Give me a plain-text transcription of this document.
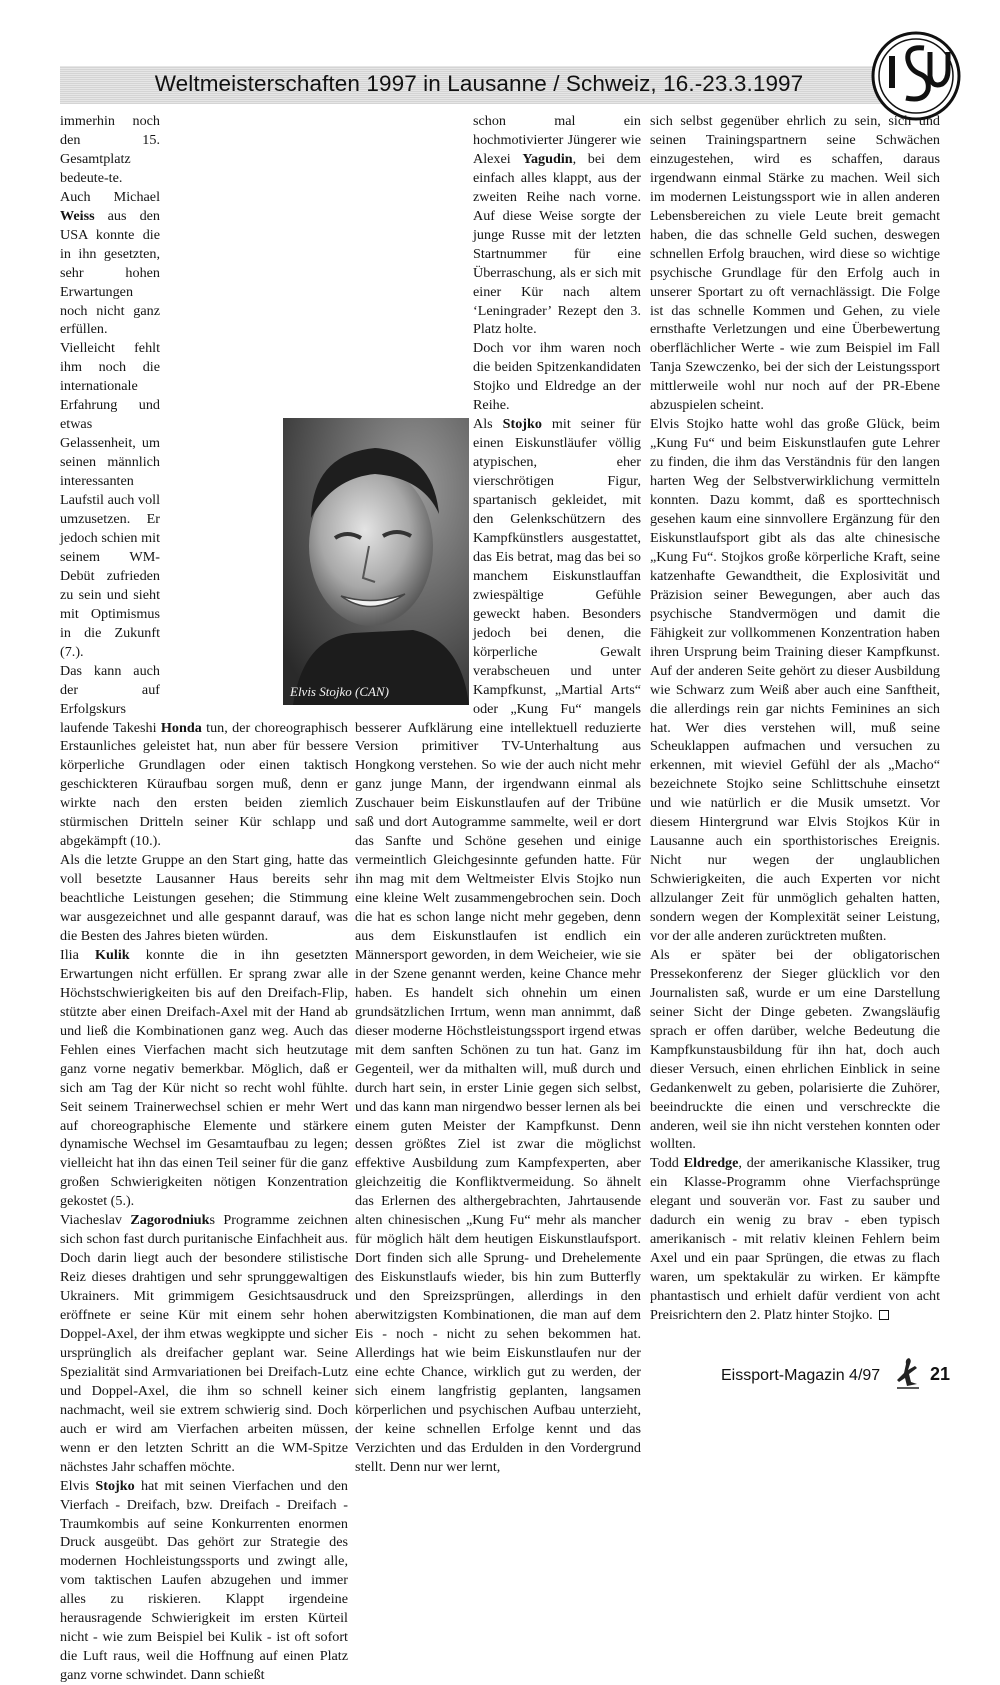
Weltmeisterschaften 1997 in Lausanne / Schweiz, 16.-23.3.1997
Elvis Stojko (CAN)

immerhin noch den 15. Gesamtplatz bedeute-te.

Auch Michael Weiss aus den USA konnte die in ihn gesetzten, sehr hohen Erwartungen noch nicht ganz erfüllen. Vielleicht fehlt ihm noch die internationale Erfahrung und etwas Gelassenheit, um seinen männlich interessanten Laufstil auch voll umzusetzen. Er jedoch schien mit seinem WM-Debüt zufrieden zu sein und sieht mit Optimismus in die Zukunft (7.).

Das kann auch der auf Erfolgskurs laufende Takeshi Honda tun, der choreographisch Erstaunliches geleistet hat, nun aber für bessere körperliche Grundlagen oder einen taktisch geschickteren Küraufbau sorgen muß, denn er wirkte nach den ersten beiden ziemlich stürmischen Dritteln seiner Kür schlapp und abgekämpft (10.).

Als die letzte Gruppe an den Start ging, hatte das voll besetzte Lausanner Haus bereits sehr beachtliche Leistungen gesehen; die Stimmung war ausgezeichnet und alle gespannt darauf, was die Besten des Jahres bieten würden.

Ilia Kulik konnte die in ihn gesetzten Erwartungen nicht erfüllen. Er sprang zwar alle Höchstschwierigkeiten bis auf den Dreifach-Flip, stützte aber einen Dreifach-Axel mit der Hand ab und ließ die Kombinationen ganz weg. Auch das Fehlen eines Vierfachen macht sich heutzutage ganz vorne negativ bemerkbar. Möglich, daß er sich am Tag der Kür nicht so recht wohl fühlte. Seit seinem Trainerwechsel schien er mehr Wert auf choreographische Elemente und stärkere dynamische Wechsel im Gesamtaufbau zu legen; vielleicht hat ihn das einen Teil seiner für die ganz großen Schwierigkeiten nötigen Konzentration gekostet (5.).

Viacheslav Zagorodniuks Programme zeichnen sich schon fast durch puritanische Einfachheit aus. Doch darin liegt auch der besondere stilistische Reiz dieses drahtigen und sehr sprunggewaltigen Ukrainers. Mit grimmigem Gesichtsausdruck eröffnete er seine Kür mit einem sehr hohen Doppel-Axel, der ihm etwas wegkippte und sicher ursprünglich als dreifacher geplant war. Seine Spezialität sind Armvariationen bei Dreifach-Lutz und Doppel-Axel, die ihm so schnell keiner nachmacht, weil sie extrem schwierig sind. Doch auch er wird am Vierfachen arbeiten müssen, wenn er den letzten Schritt an die WM-Spitze nächstes Jahr schaffen möchte.

Elvis Stojko hat mit seinen Vierfachen und den Vierfach - Dreifach, bzw. Dreifach - Dreifach - Traumkombis auf seine Konkurrenten enormen Druck ausgeübt. Das gehört zur Strategie des modernen Hochleistungssports und zwingt alle, vom taktischen Laufen abzugehen und immer alles zu riskieren. Klappt irgendeine herausragende Schwierigkeit im ersten Kürteil nicht - wie zum Beispiel bei Kulik - ist oft sofort die Luft raus, weil die Hoffnung auf einen Platz ganz vorne schwindet. Dann schießt

schon mal ein hochmotivierter Jüngerer wie Alexei Yagudin, bei dem einfach alles klappt, aus der zweiten Reihe nach vorne. Auf diese Weise sorgte der junge Russe mit der letzten Startnummer für eine Überraschung, als er sich mit einer Kür nach altem ‘Leningrader’ Rezept den 3. Platz holte.

Doch vor ihm waren noch die beiden Spitzenkandidaten Stojko und Eldredge an der Reihe.

Als Stojko mit seiner für einen Eiskunstläufer völlig atypischen, eher vierschrötigen Figur, spartanisch gekleidet, mit den Gelenkschützern des Kampfkünstlers ausgestattet, das Eis betrat, mag das bei so manchem Eiskunstlauffan zwiespältige Gefühle geweckt haben. Besonders jedoch bei denen, die körperliche Gewalt verabscheuen und unter Kampfkunst, „Martial Arts“ oder „Kung Fu“ mangels besserer Aufklärung eine intellektuell reduzierte Version primitiver TV-Unterhaltung aus Hongkong verstehen. So wie der auch nicht mehr ganz junge Mann, der irgendwann einmal als Zuschauer beim Eiskunstlaufen auf der Tribüne saß und dort Autogramme sammelte, weil er dort das Sanfte und Schöne gesehen und einige vermeintlich Gleichgesinnte gefunden hatte. Für ihn mag mit dem Weltmeister Elvis Stojko nun eine kleine Welt zusammengebrochen sein. Doch die hat es schon lange nicht mehr gegeben, denn aus dem Eiskunstlaufen ist endlich ein Männersport geworden, in dem Weicheier, wie sie in der Szene genannt werden, keine Chance mehr haben. Es handelt sich ohnehin um einen grundsätzlichen Irrtum, wenn man annimmt, daß dieser moderne Höchstleistungssport irgend etwas mit dem sanften Schönen zu tun hat. Ganz im Gegenteil, wer da mithalten will, muß durch und durch hart sein, in erster Linie gegen sich selbst, und das kann man nirgendwo besser lernen als bei einem guten Meister der Kampfkunst. Denn dessen größtes Ziel ist zwar die möglichst effektive Ausbildung zum Kampfexperten, aber gleichzeitig die Konfliktvermeidung. So ähnelt das Erlernen des althergebrachten, Jahrtausende alten chinesischen „Kung Fu“ mehr als mancher für möglich hält dem heutigen Eiskunstlaufsport. Dort finden sich alle Sprung- und Drehelemente des Eiskunstlaufs wieder, bis hin zum Butterfly und den Spreizsprüngen, allerdings in den aberwitzigsten Kombinationen, die man auf dem Eis - noch - nicht zu sehen bekommen hat. Allerdings hat wie beim Eiskunstlaufen nur der eine echte Chance, wirklich gut zu werden, der sich einem langfristig geplanten, langsamen körperlichen und psychischen Aufbau unterzieht, der keine schnellen Erfolge kennt und das Verzichten und das Erdulden in den Vordergrund stellt. Denn nur wer lernt,

sich selbst gegenüber ehrlich zu sein, sich und seinen Trainingspartnern seine Schwächen einzugestehen, wird es schaffen, daraus irgendwann einmal Stärke zu machen. Weil sich im modernen Leistungssport wie in allen anderen Lebensbereichen zu viele Leute breit gemacht haben, die das schnelle Geld suchen, deswegen schnellen Erfolg brauchen, wird diese so wichtige psychische Grundlage für den Erfolg auch in unserer Sportart zu oft vernachlässigt. Die Folge ist das schnelle Kommen und Gehen, zu viele ernsthafte Verletzungen und eine Überbewertung oberflächlicher Werte - wie zum Beispiel im Fall Tanja Szewczenko, bei der sich der Leistungssport mittlerweile wohl nur noch auf der PR-Ebene abzuspielen scheint.

Elvis Stojko hatte wohl das große Glück, beim „Kung Fu“ und beim Eiskunstlaufen gute Lehrer zu finden, die ihm das Verständnis für den langen harten Weg der Selbstverwirklichung vermitteln konnten. Dazu kommt, daß es sporttechnisch gesehen kaum eine sinnvollere Ergänzung für den Eiskunstlaufsport gibt als das alte chinesische „Kung Fu“. Stojkos große körperliche Kraft, seine katzenhafte Gewandtheit, die Explosivität und Präzision seiner Bewegungen, aber auch das psychische Standvermögen und damit die Fähigkeit zur vollkommenen Konzentration haben ihren Ursprung beim Training dieser Kampfkunst. Auf der anderen Seite gehört zu dieser Ausbildung wie Schwarz zum Weiß aber auch eine Sanftheit, die allerdings rein gar nichts Feminines an sich hat. Wer dies verstehen will, muß seine Scheuklappen aufmachen und versuchen zu erkennen, mit wieviel Gefühl der als „Macho“ bezeichnete Stojko seine Schlittschuhe einsetzt und wie natürlich er die Musik umsetzt. Vor diesem Hintergrund war Elvis Stojkos Kür in Lausanne auch ein sporthistorisches Ereignis. Nicht nur wegen der unglaublichen Schwierigkeiten, die auch Experten vor nicht allzulanger Zeit für unmöglich gehalten hatten, sondern wegen der Komplexität seiner Leistung, vor der alle anderen zurücktreten mußten.

Als er später bei der obligatorischen Pressekonferenz der Sieger glücklich vor den Journalisten saß, wurde er um eine Darstellung seiner Sicht der Dinge gebeten. Zwangsläufig sprach er offen darüber, welche Bedeutung die Kampfkunstausbildung für ihn hat, doch auch dieser Versuch, einen ehrlichen Einblick in seine Gedankenwelt zu geben, polarisierte die Zuhörer, beeindruckte die einen und verschreckte die anderen, weil sie ihn nicht verstehen konnten oder wollten.

Todd Eldredge, der amerikanische Klassiker, trug ein Klasse-Programm ohne Vierfachsprünge elegant und souverän vor. Fast zu sauber und dadurch ein wenig zu brav - eben typisch amerikanisch - mit relativ kleinen Fehlern beim Axel und ein paar Sprüngen, die etwas zu flach waren, um spektakulär zu wirken. Er kämpfte phantastisch und erhielt dafür verdient von acht Preisrichtern den 2. Platz hinter Stojko.

Eissport-Magazin 4/97	21
